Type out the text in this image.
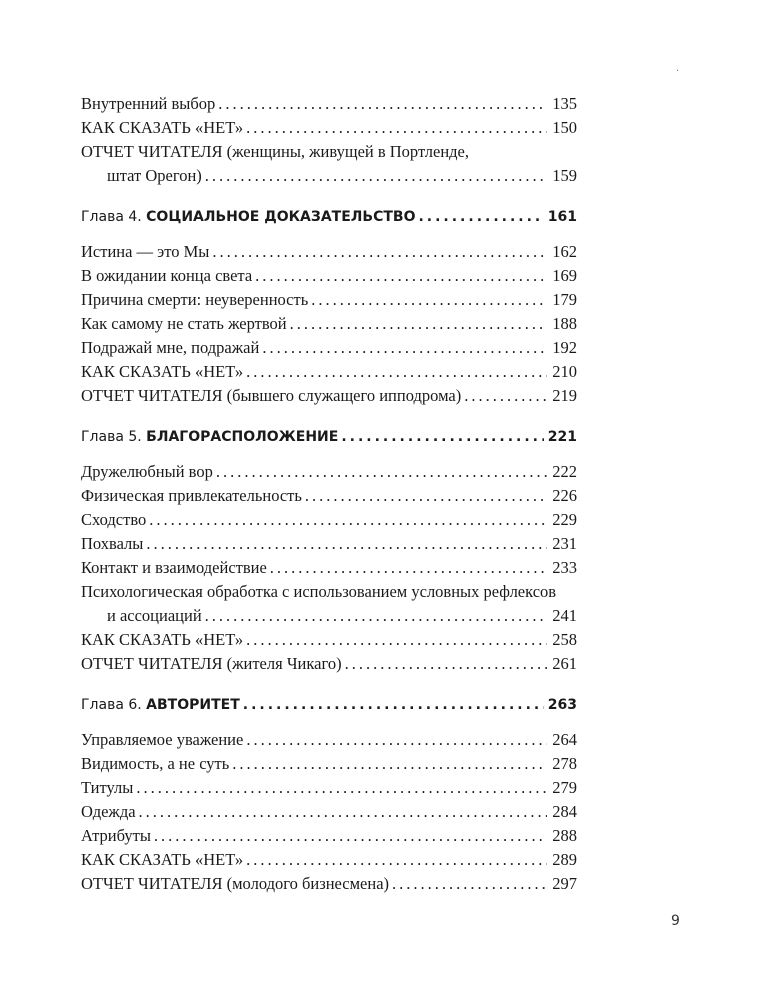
·
Внутренний выбор .....	135
КАК СКАЗАТЬ «НЕТ» .....	150
ОТЧЕТ ЧИТАТЕЛЯ (женщины, живущей в Портленде,
штат Орегон) .....	159
Глава 4. СОЦИАЛЬНОЕ ДОКАЗАТЕЛЬСТВО .....	161
Истина — это Мы .....	162
В ожидании конца света .....	169
Причина смерти: неуверенность .....	179
Как самому не стать жертвой .....	188
Подражай мне, подражай .....	192
КАК СКАЗАТЬ «НЕТ» .....	210
ОТЧЕТ ЧИТАТЕЛЯ (бывшего служащего ипподрома) .....	219
Глава 5. БЛАГОРАСПОЛОЖЕНИЕ .....	221
Дружелюбный вор .....	222
Физическая привлекательность .....	226
Сходство .....	229
Похвалы .....	231
Контакт и взаимодействие .....	233
Психологическая обработка с использованием условных рефлексов
и ассоциаций .....	241
КАК СКАЗАТЬ «НЕТ» .....	258
ОТЧЕТ ЧИТАТЕЛЯ (жителя Чикаго) .....	261
Глава 6. АВТОРИТЕТ .....	263
Управляемое уважение .....	264
Видимость, а не суть .....	278
Титулы .....	279
Одежда .....	284
Атрибуты .....	288
КАК СКАЗАТЬ «НЕТ» .....	289
ОТЧЕТ ЧИТАТЕЛЯ (молодого бизнесмена) .....	297
9
